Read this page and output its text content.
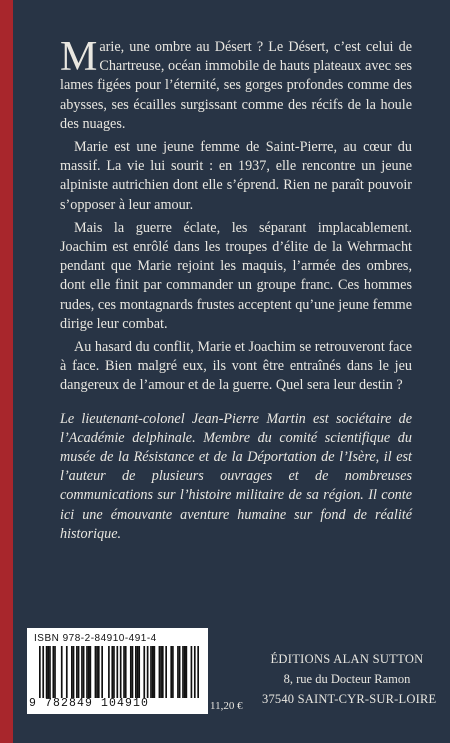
Marie, une ombre au Désert ? Le Désert, c’est celui de Chartreuse, océan immobile de hauts plateaux avec ses lames figées pour l’éternité, ses gorges profondes comme des abysses, ses écailles surgissant comme des récifs de la houle des nuages.

Marie est une jeune femme de Saint-Pierre, au cœur du massif. La vie lui sourit : en 1937, elle rencontre un jeune alpiniste autrichien dont elle s’éprend. Rien ne paraît pouvoir s’opposer à leur amour.

Mais la guerre éclate, les séparant implacablement. Joachim est enrôlé dans les troupes d’élite de la Wehrmacht pendant que Marie rejoint les maquis, l’armée des ombres, dont elle finit par commander un groupe franc. Ces hommes rudes, ces montagnards frustes acceptent qu’une jeune femme dirige leur combat.

Au hasard du conflit, Marie et Joachim se retrouveront face à face. Bien malgré eux, ils vont être entraînés dans le jeu dangereux de l’amour et de la guerre. Quel sera leur destin ?

Le lieutenant-colonel Jean-Pierre Martin est sociétaire de l’Académie delphinale. Membre du comité scientifique du musée de la Résistance et de la Déportation de l’Isère, il est l’auteur de plusieurs ouvrages et de nombreuses communications sur l’histoire militaire de sa région. Il conte ici une émouvante aventure humaine sur fond de réalité historique.

ISBN 978-2-84910-491-4
9 782849 104910	11,20 €
ÉDITIONS ALAN SUTTON
8, rue du Docteur Ramon
37540 SAINT-CYR-SUR-LOIRE
